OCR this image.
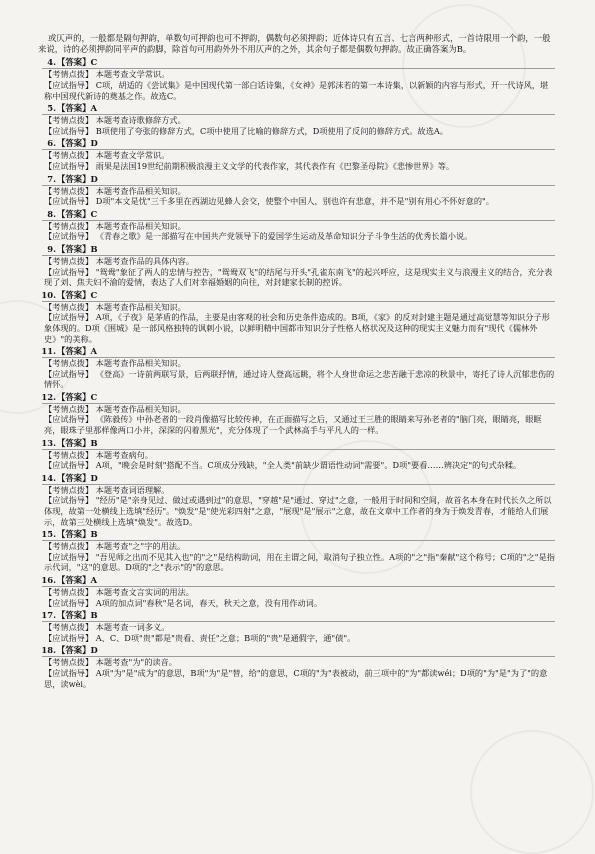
或仄声的，一般都是隔句押韵，单数句可押韵也可不押韵，偶数句必须押韵；近体诗只有五言、七言两种形式，一首诗限用一个韵，一般来说，诗的必须押韵同平声的韵脚，除首句可用韵外外不用仄声的之外，其余句子都是偶数句押韵。故正确答案为B。
4.【答案】C
【考情点拨】 本题考查文学常识。
【应试指导】 C项，胡适的《尝试集》是中国现代第一部白话诗集，《女神》是郭沫若的第一本诗集，以新颖的内容与形式，开一代诗风，堪称中国现代新诗的奠基之作。故选C。
5.【答案】A
【考情点拨】 本题考查诗歌修辞方式。
【应试指导】 B项使用了夸张的修辞方式，C项中使用了比喻的修辞方式，D项使用了反问的修辞方式。故选A。
6.【答案】D
【考情点拨】 本题考查文学常识。
【应试指导】 雨果是法国19世纪前期积极浪漫主义文学的代表作家，其代表作有《巴黎圣母院》《悲惨世界》等。
7.【答案】D
【考情点拨】 本题考查作品相关知识。
【应试指导】 D项"本文是忧"三千多里在西湖边见蜂人会交，使整个中国人，别也许有悲意，并不是"别有用心不怀好意的"。
8.【答案】C
【考情点拨】 本题考查作品相关知识。
【应试指导】 《青春之歌》是一部描写在中国共产党领导下的爱国学生运动及革命知识分子斗争生活的优秀长篇小说。
9.【答案】B
【考情点拨】 本题考查作品的具体内容。
【应试指导】 "鸳鸯"象征了两人的忠情与控告，"鸳鸯双飞"的结尾与开头"孔雀东南飞"的起兴呼应，这是现实主义与浪漫主义的结合，充分表现了刘、焦夫妇不渝的爱情，表达了人们对幸福婚姻的向往，对封建家长制的控诉。
10.【答案】C
【考情点拨】 本题考查作品相关知识。
【应试指导】 A项，《子夜》是茅盾的作品，主要是由客观的社会和历史条件造成的。B项，《家》的反对封建主题是通过高觉慧等知识分子形象体现的。D项《围城》是一部风格独特的讽刺小说，以鲜明精中国都市知识分子性格人格状况及这种的现实主义魅力而有"现代《儒林外史》"的美称。
11.【答案】A
【考情点拨】 本题考查作品相关知识。
【应试指导】 《登高》一诗前两联写景，后两联抒情，通过诗人登高远眺，将个人身世命运之悲苦融于悲凉的秋景中，寄托了诗人沉郁悲伤的情怀。
12.【答案】C
【考情点拨】 本题考查作品相关知识。
【应试指导】 《陈毅传》中孙老者的一段肖像描写比较传神，在正面描写之后，又通过王三胜的眼睛来写孙老者的"脑门亮，眼睛亮，眼眶亮，眼珠子里那样像两口小井，深深的闪着黑光"，充分体现了一个武林高手与平凡人的一样。
13.【答案】B
【考情点拨】 本题考查病句。
【应试指导】 A项，"晚会是时刻"搭配不当。C项成分残缺，"全人类"前缺少谓语性动词"需要"。D项"要看……辨决定"的句式杂糅。
14.【答案】D
【考情点拨】 本题考查词语理解。
【应试指导】 "经历"是"亲身见过、做过或遇到过"的意思，"穿越"是"通过、穿过"之意，一般用于时间和空间，故首名本身在时代长久之所以体现，故第一处横线上选填"经历"。"焕发"是"使光彩四射"之意，"展现"是"展示"之意，故在文章中工作者的身为于焕发青春，才能给人们展示，故第三处横线上选填"焕发"。故选D。
15.【答案】B
【考情点拨】 本题考查"之"字的用法。
【应试指导】 "吾见师之出而不见其入也"的"之"是结构助词，用在主谓之间，取消句子独立性。A项的"之"指"秦献"这个称号；C项的"之"是指示代词，"这"的意思。D项的"之"表示"的"的意思。
16.【答案】A
【考情点拨】 本题考查文言实词的用法。
【应试指导】 A项的加点词"春秋"是名词，春天，秋天之意，没有用作动词。
17.【答案】B
【考情点拨】 本题考查一词多义。
【应试指导】 A、C、D项"贵"都是"贵看、责任"之意；B项的"贵"是通假字，通"债"。
18.【答案】D
【考情点拨】 本题考查"为"的读音。
【应试指导】 A项"为"是"成为"的意思，B项"为"是"替，给"的意思，C项的"为"表被动，前三项中的"为"都读wéi；D项的"为"是"为了"的意思，读wèi。
